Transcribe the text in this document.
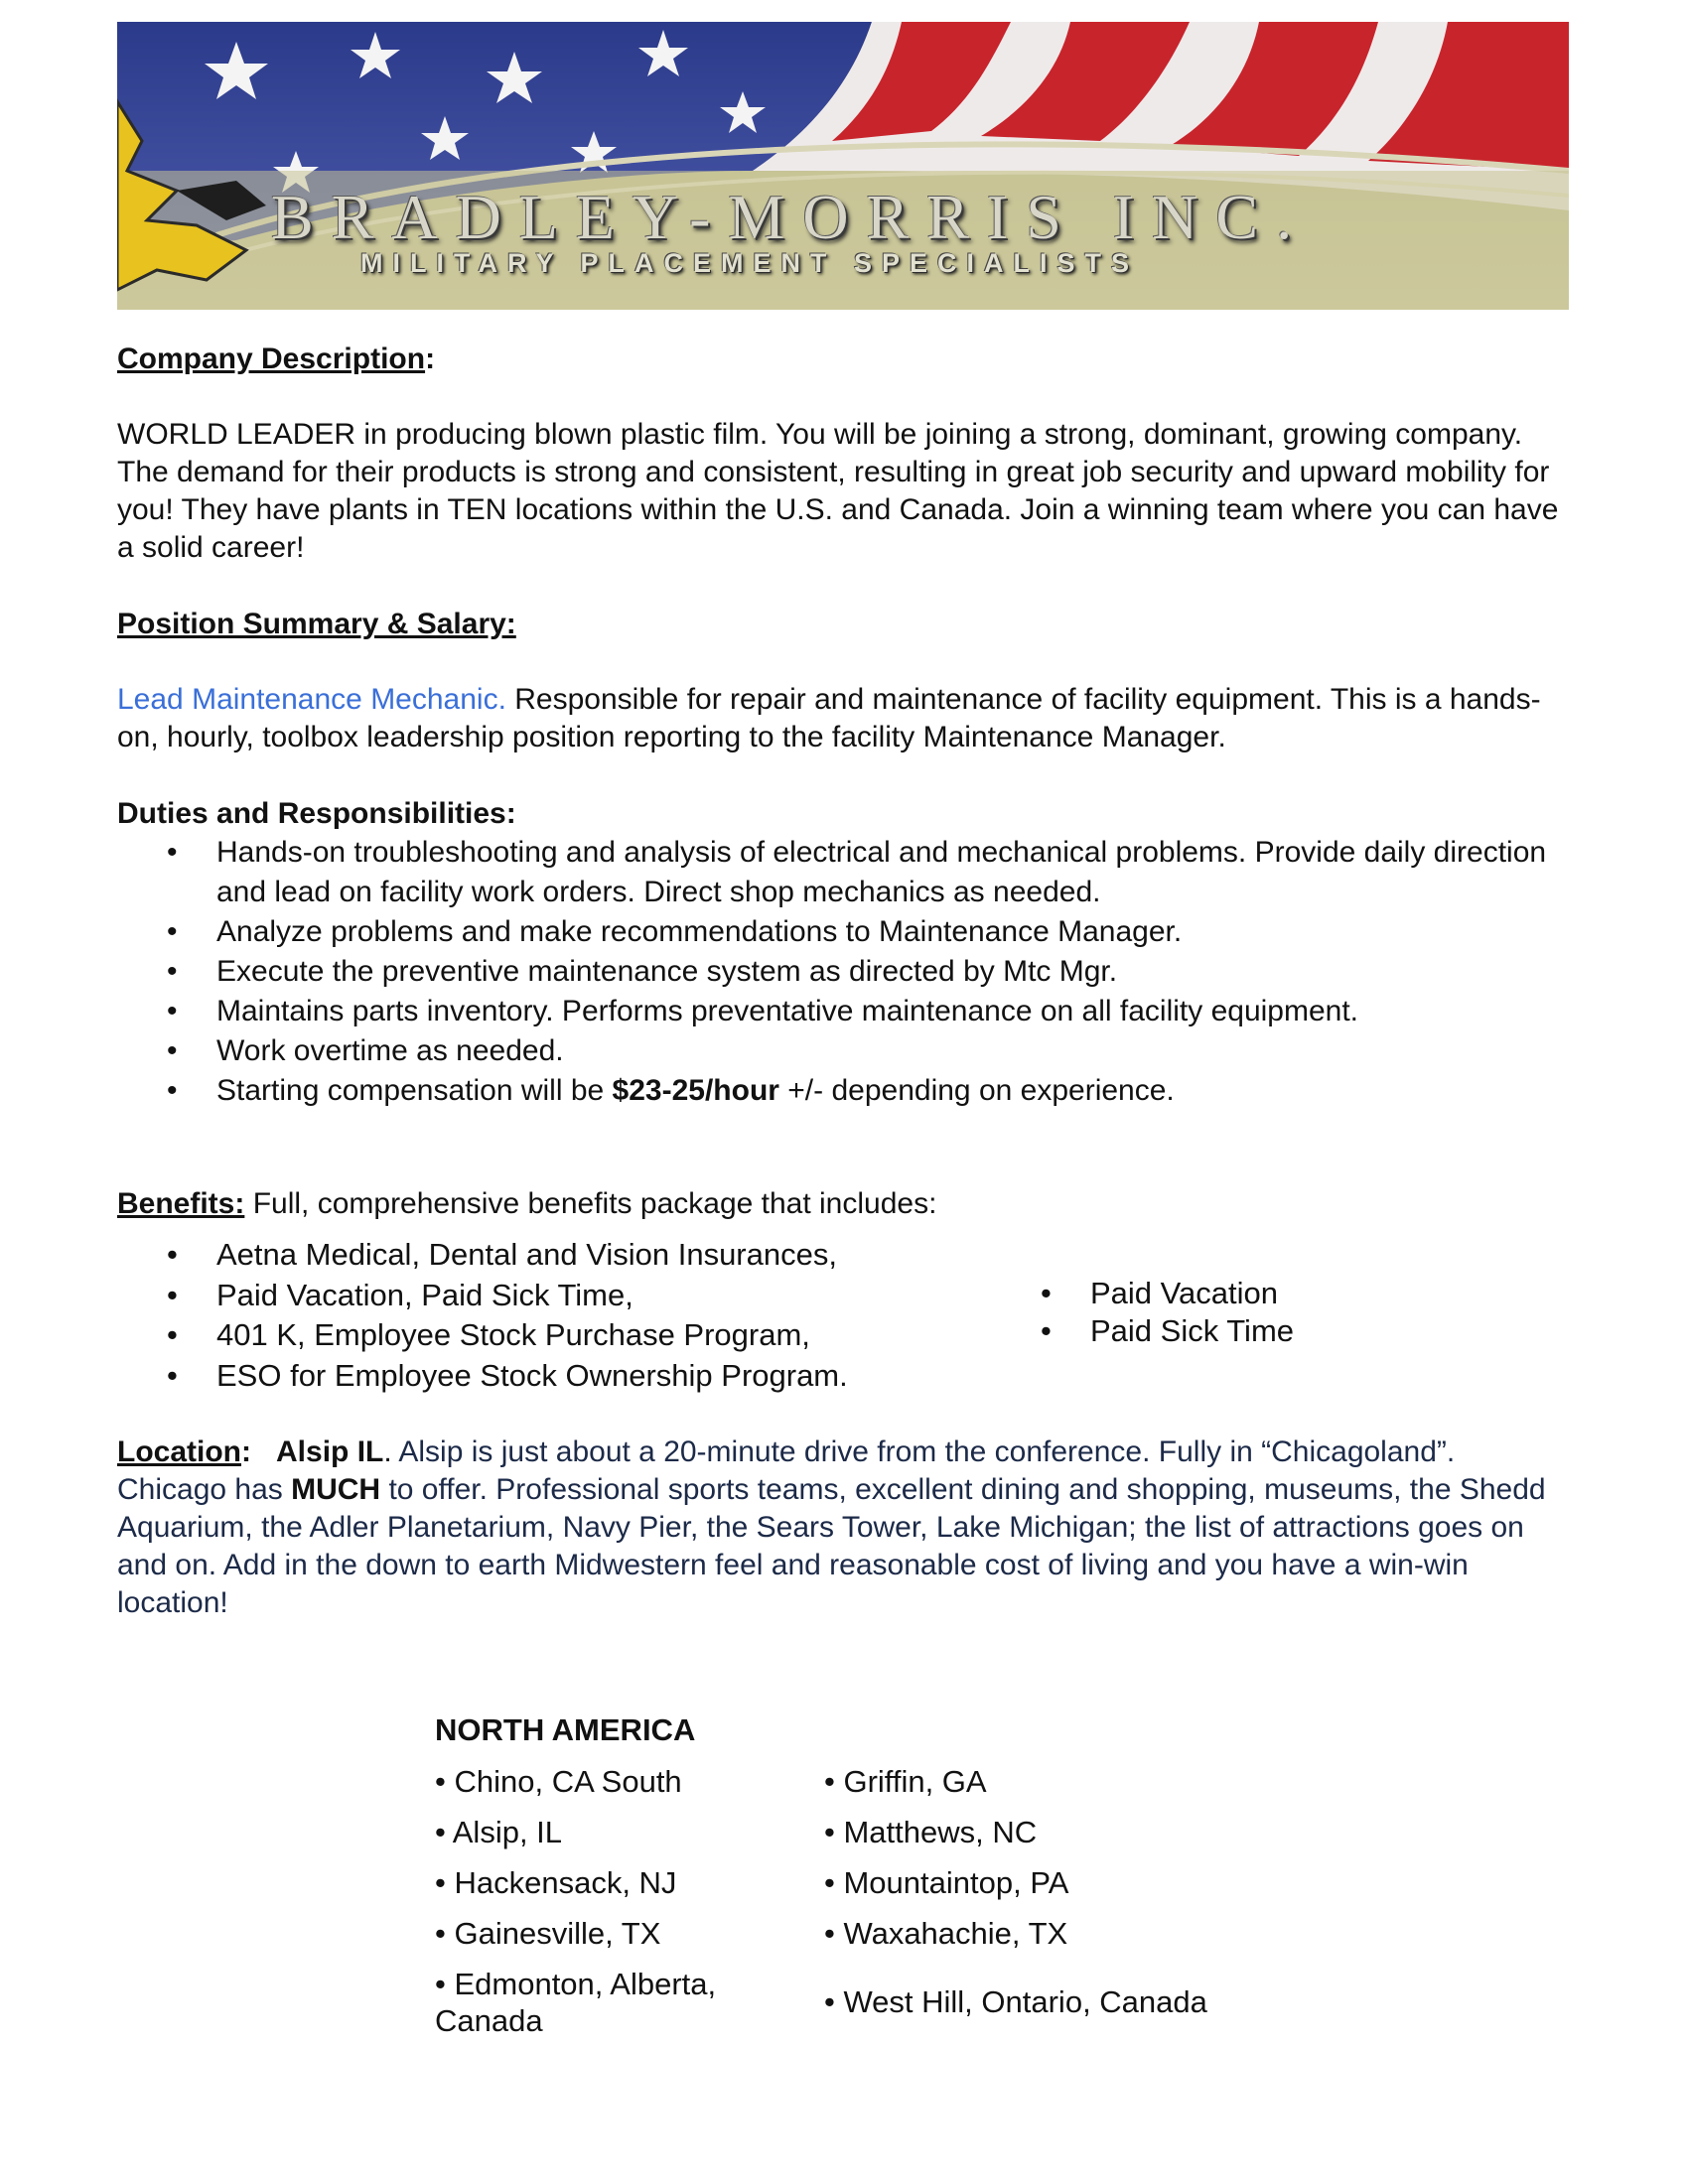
BRADLEY-MORRIS INC.
MILITARY PLACEMENT SPECIALISTS

Company Description:

WORLD LEADER in producing blown plastic film. You will be joining a strong, dominant, growing company. The demand for their products is strong and consistent, resulting in great job security and upward mobility for you! They have plants in TEN locations within the U.S. and Canada. Join a winning team where you can have a solid career!

Position Summary & Salary:

Lead Maintenance Mechanic. Responsible for repair and maintenance of facility equipment. This is a hands-on, hourly, toolbox leadership position reporting to the facility Maintenance Manager.

Duties and Responsibilities:

• Hands-on troubleshooting and analysis of electrical and mechanical problems. Provide daily direction and lead on facility work orders. Direct shop mechanics as needed.
• Analyze problems and make recommendations to Maintenance Manager.
• Execute the preventive maintenance system as directed by Mtc Mgr.
• Maintains parts inventory. Performs preventative maintenance on all facility equipment.
• Work overtime as needed.
• Starting compensation will be $23-25/hour +/- depending on experience.

Benefits: Full, comprehensive benefits package that includes:

• Aetna Medical, Dental and Vision Insurances,
• Paid Vacation, Paid Sick Time,
• 401 K, Employee Stock Purchase Program,
• ESO for Employee Stock Ownership Program.
• Paid Vacation
• Paid Sick Time

Location: Alsip IL. Alsip is just about a 20-minute drive from the conference. Fully in “Chicagoland”. Chicago has MUCH to offer. Professional sports teams, excellent dining and shopping, museums, the Shedd Aquarium, the Adler Planetarium, Navy Pier, the Sears Tower, Lake Michigan; the list of attractions goes on and on. Add in the down to earth Midwestern feel and reasonable cost of living and you have a win-win location!

NORTH AMERICA
• Chino, CA South
• Alsip, IL
• Hackensack, NJ
• Gainesville, TX
• Edmonton, Alberta, Canada
• Griffin, GA
• Matthews, NC
• Mountaintop, PA
• Waxahachie, TX
• West Hill, Ontario, Canada
